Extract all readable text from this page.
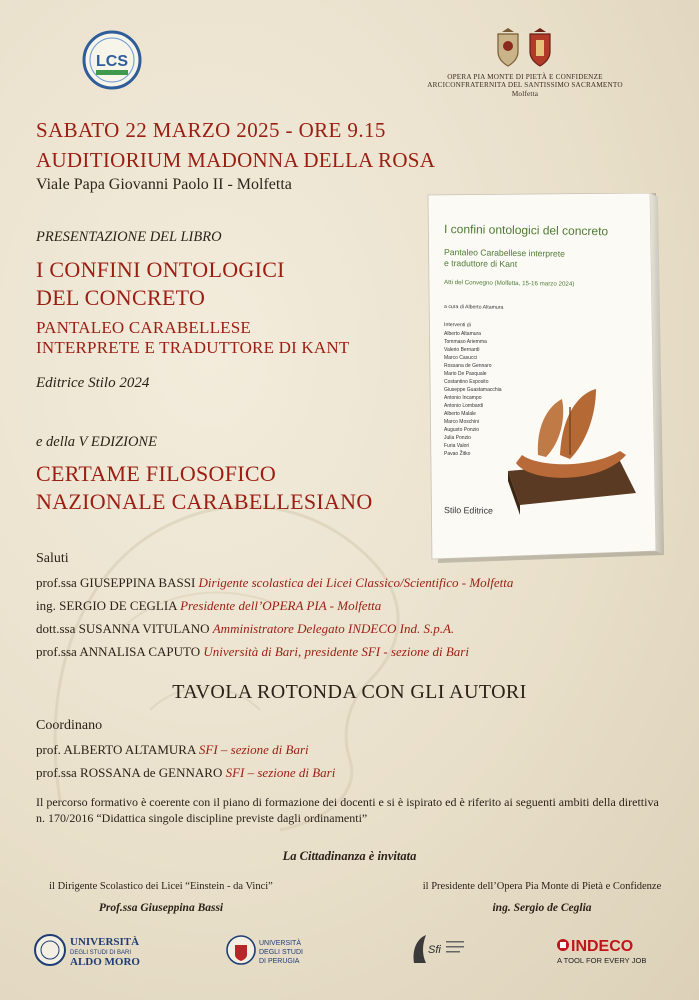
LCS
OPERA PIA MONTE DI PIETÀ E CONFIDENZE
ARCICONFRATERNITA DEL SANTISSIMO SACRAMENTO
Molfetta
SABATO 22 MARZO 2025 - ORE 9.15
AUDITIORIUM MADONNA DELLA ROSA
Viale Papa Giovanni Paolo II - Molfetta
PRESENTAZIONE DEL LIBRO
I CONFINI ONTOLOGICI
DEL CONCRETO
PANTALEO CARABELLESE
INTERPRETE E TRADUTTORE DI KANT
Editrice Stilo 2024
e della V EDIZIONE
CERTAME FILOSOFICO
NAZIONALE CARABELLESIANO
I confini ontologici del concreto
Pantaleo Carabellese interprete
e traduttore di Kant
Atti del Convegno (Molfetta, 15-16 marzo 2024)
a cura di Alberto Altamura
Interventi di
Alberto Altamura
Tommaso Ariemma
Valerio Bernardi
Marco Casucci
Rossana de Gennaro
Mario De Pasquale
Costantino Esposito
Giuseppe Guastamacchia
Antonio Incampo
Antonio Lombardi
Alberto Malale
Marco Moschini
Augusto Ponzio
Julia Ponzio
Furia Valori
Pavao Žitko
Stilo Editrice
Saluti
prof.ssa GIUSEPPINA BASSI Dirigente scolastica dei Licei Classico/Scientifico - Molfetta
ing. SERGIO DE CEGLIA Presidente dell’OPERA PIA - Molfetta
dott.ssa SUSANNA VITULANO Amministratore Delegato INDECO Ind. S.p.A.
prof.ssa ANNALISA CAPUTO Università di Bari, presidente SFI - sezione di Bari
TAVOLA ROTONDA CON GLI AUTORI
Coordinano
prof. ALBERTO ALTAMURA SFI – sezione di Bari
prof.ssa ROSSANA de GENNARO SFI – sezione di Bari
Il percorso formativo è coerente con il piano di formazione dei docenti e si è ispirato ed è riferito ai seguenti ambiti della direttiva n. 170/2016 “Didattica singole discipline previste dagli ordinamenti”
La Cittadinanza è invitata
il Dirigente Scolastico dei Licei “Einstein - da Vinci”
Prof.ssa Giuseppina Bassi
il Presidente dell’Opera Pia Monte di Pietà e Confidenze
ing. Sergio de Ceglia
UNIVERSITÀ
DEGLI STUDI DI BARI
ALDO MORO
UNIVERSITÀ
DEGLI STUDI
DI PERUGIA
Sfi	INDECO
A TOOL FOR EVERY JOB
